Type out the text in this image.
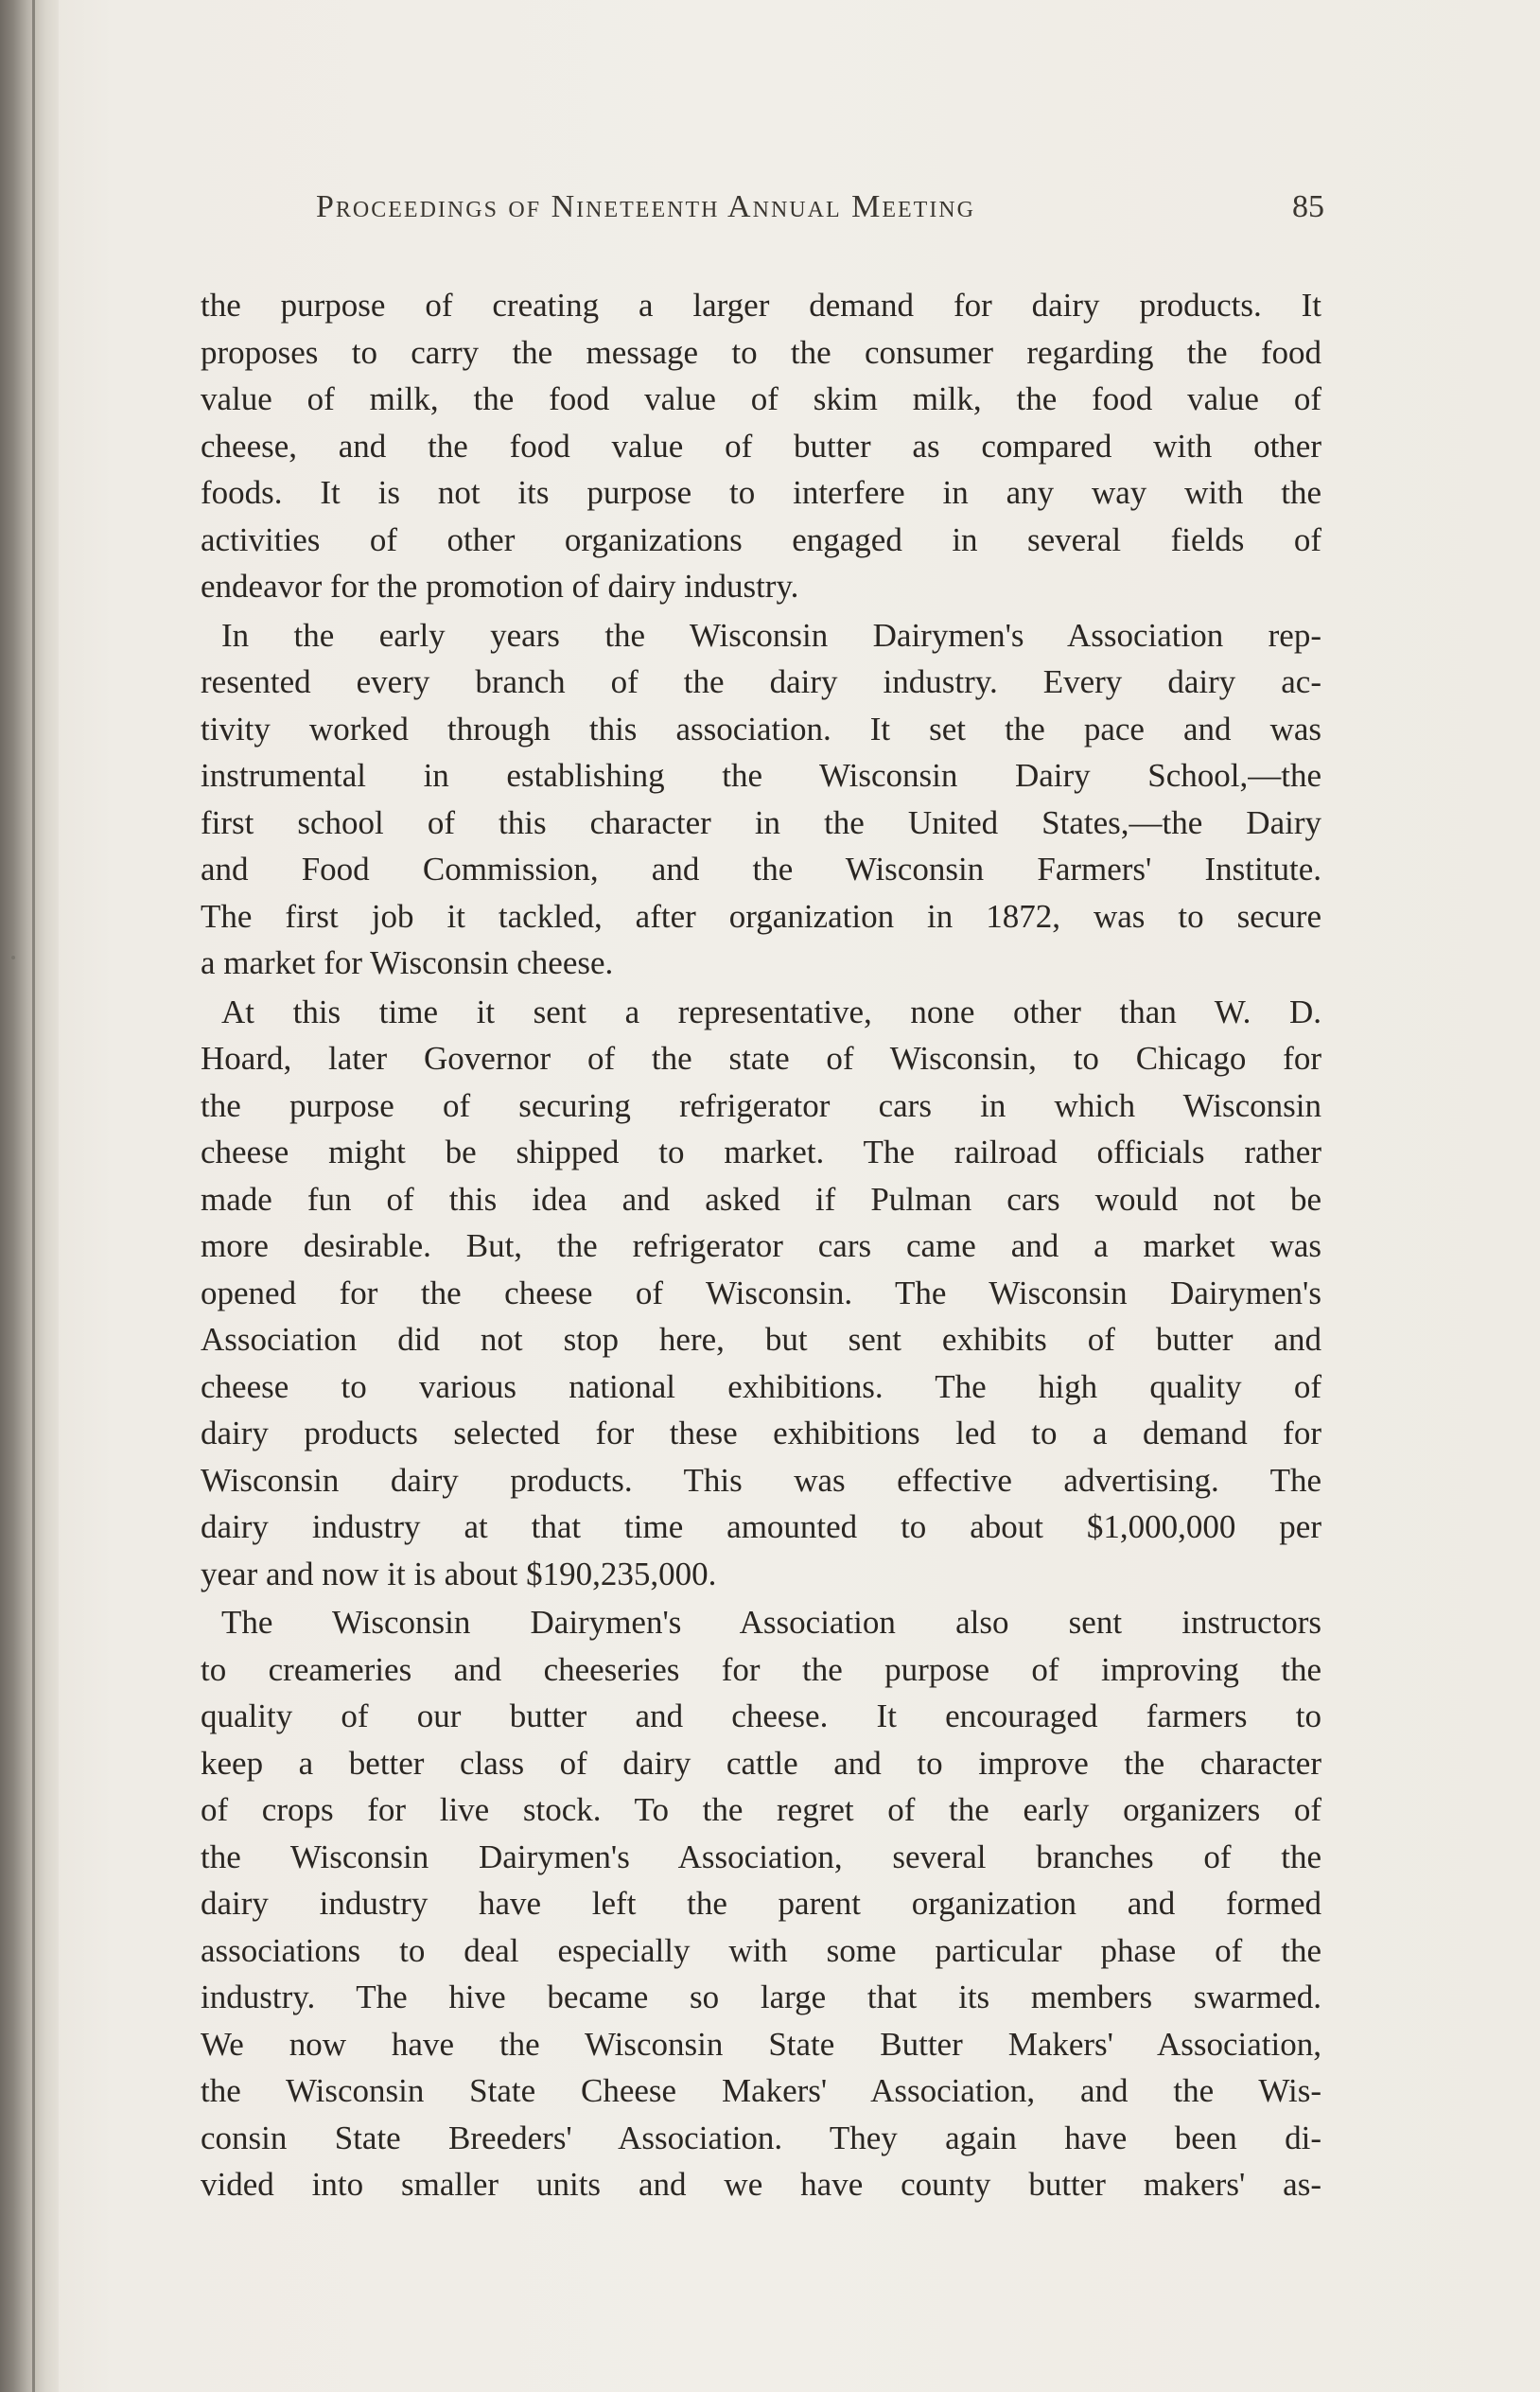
Proceedings of Nineteenth Annual Meeting	85
the purpose of creating a larger demand for dairy products. It
proposes to carry the message to the consumer regarding the food
value of milk, the food value of skim milk, the food value of
cheese, and the food value of butter as compared with other
foods. It is not its purpose to interfere in any way with the
activities of other organizations engaged in several fields of
endeavor for the promotion of dairy industry.
In the early years the Wisconsin Dairymen's Association rep-
resented every branch of the dairy industry. Every dairy ac-
tivity worked through this association. It set the pace and was
instrumental in establishing the Wisconsin Dairy School,—the
first school of this character in the United States,—the Dairy
and Food Commission, and the Wisconsin Farmers' Institute.
The first job it tackled, after organization in 1872, was to secure
a market for Wisconsin cheese.
At this time it sent a representative, none other than W. D.
Hoard, later Governor of the state of Wisconsin, to Chicago for
the purpose of securing refrigerator cars in which Wisconsin
cheese might be shipped to market. The railroad officials rather
made fun of this idea and asked if Pulman cars would not be
more desirable. But, the refrigerator cars came and a market was
opened for the cheese of Wisconsin. The Wisconsin Dairymen's
Association did not stop here, but sent exhibits of butter and
cheese to various national exhibitions. The high quality of
dairy products selected for these exhibitions led to a demand for
Wisconsin dairy products. This was effective advertising. The
dairy industry at that time amounted to about $1,000,000 per
year and now it is about $190,235,000.
The Wisconsin Dairymen's Association also sent instructors
to creameries and cheeseries for the purpose of improving the
quality of our butter and cheese. It encouraged farmers to
keep a better class of dairy cattle and to improve the character
of crops for live stock. To the regret of the early organizers of
the Wisconsin Dairymen's Association, several branches of the
dairy industry have left the parent organization and formed
associations to deal especially with some particular phase of the
industry. The hive became so large that its members swarmed.
We now have the Wisconsin State Butter Makers' Association,
the Wisconsin State Cheese Makers' Association, and the Wis-
consin State Breeders' Association. They again have been di-
vided into smaller units and we have county butter makers' as-
